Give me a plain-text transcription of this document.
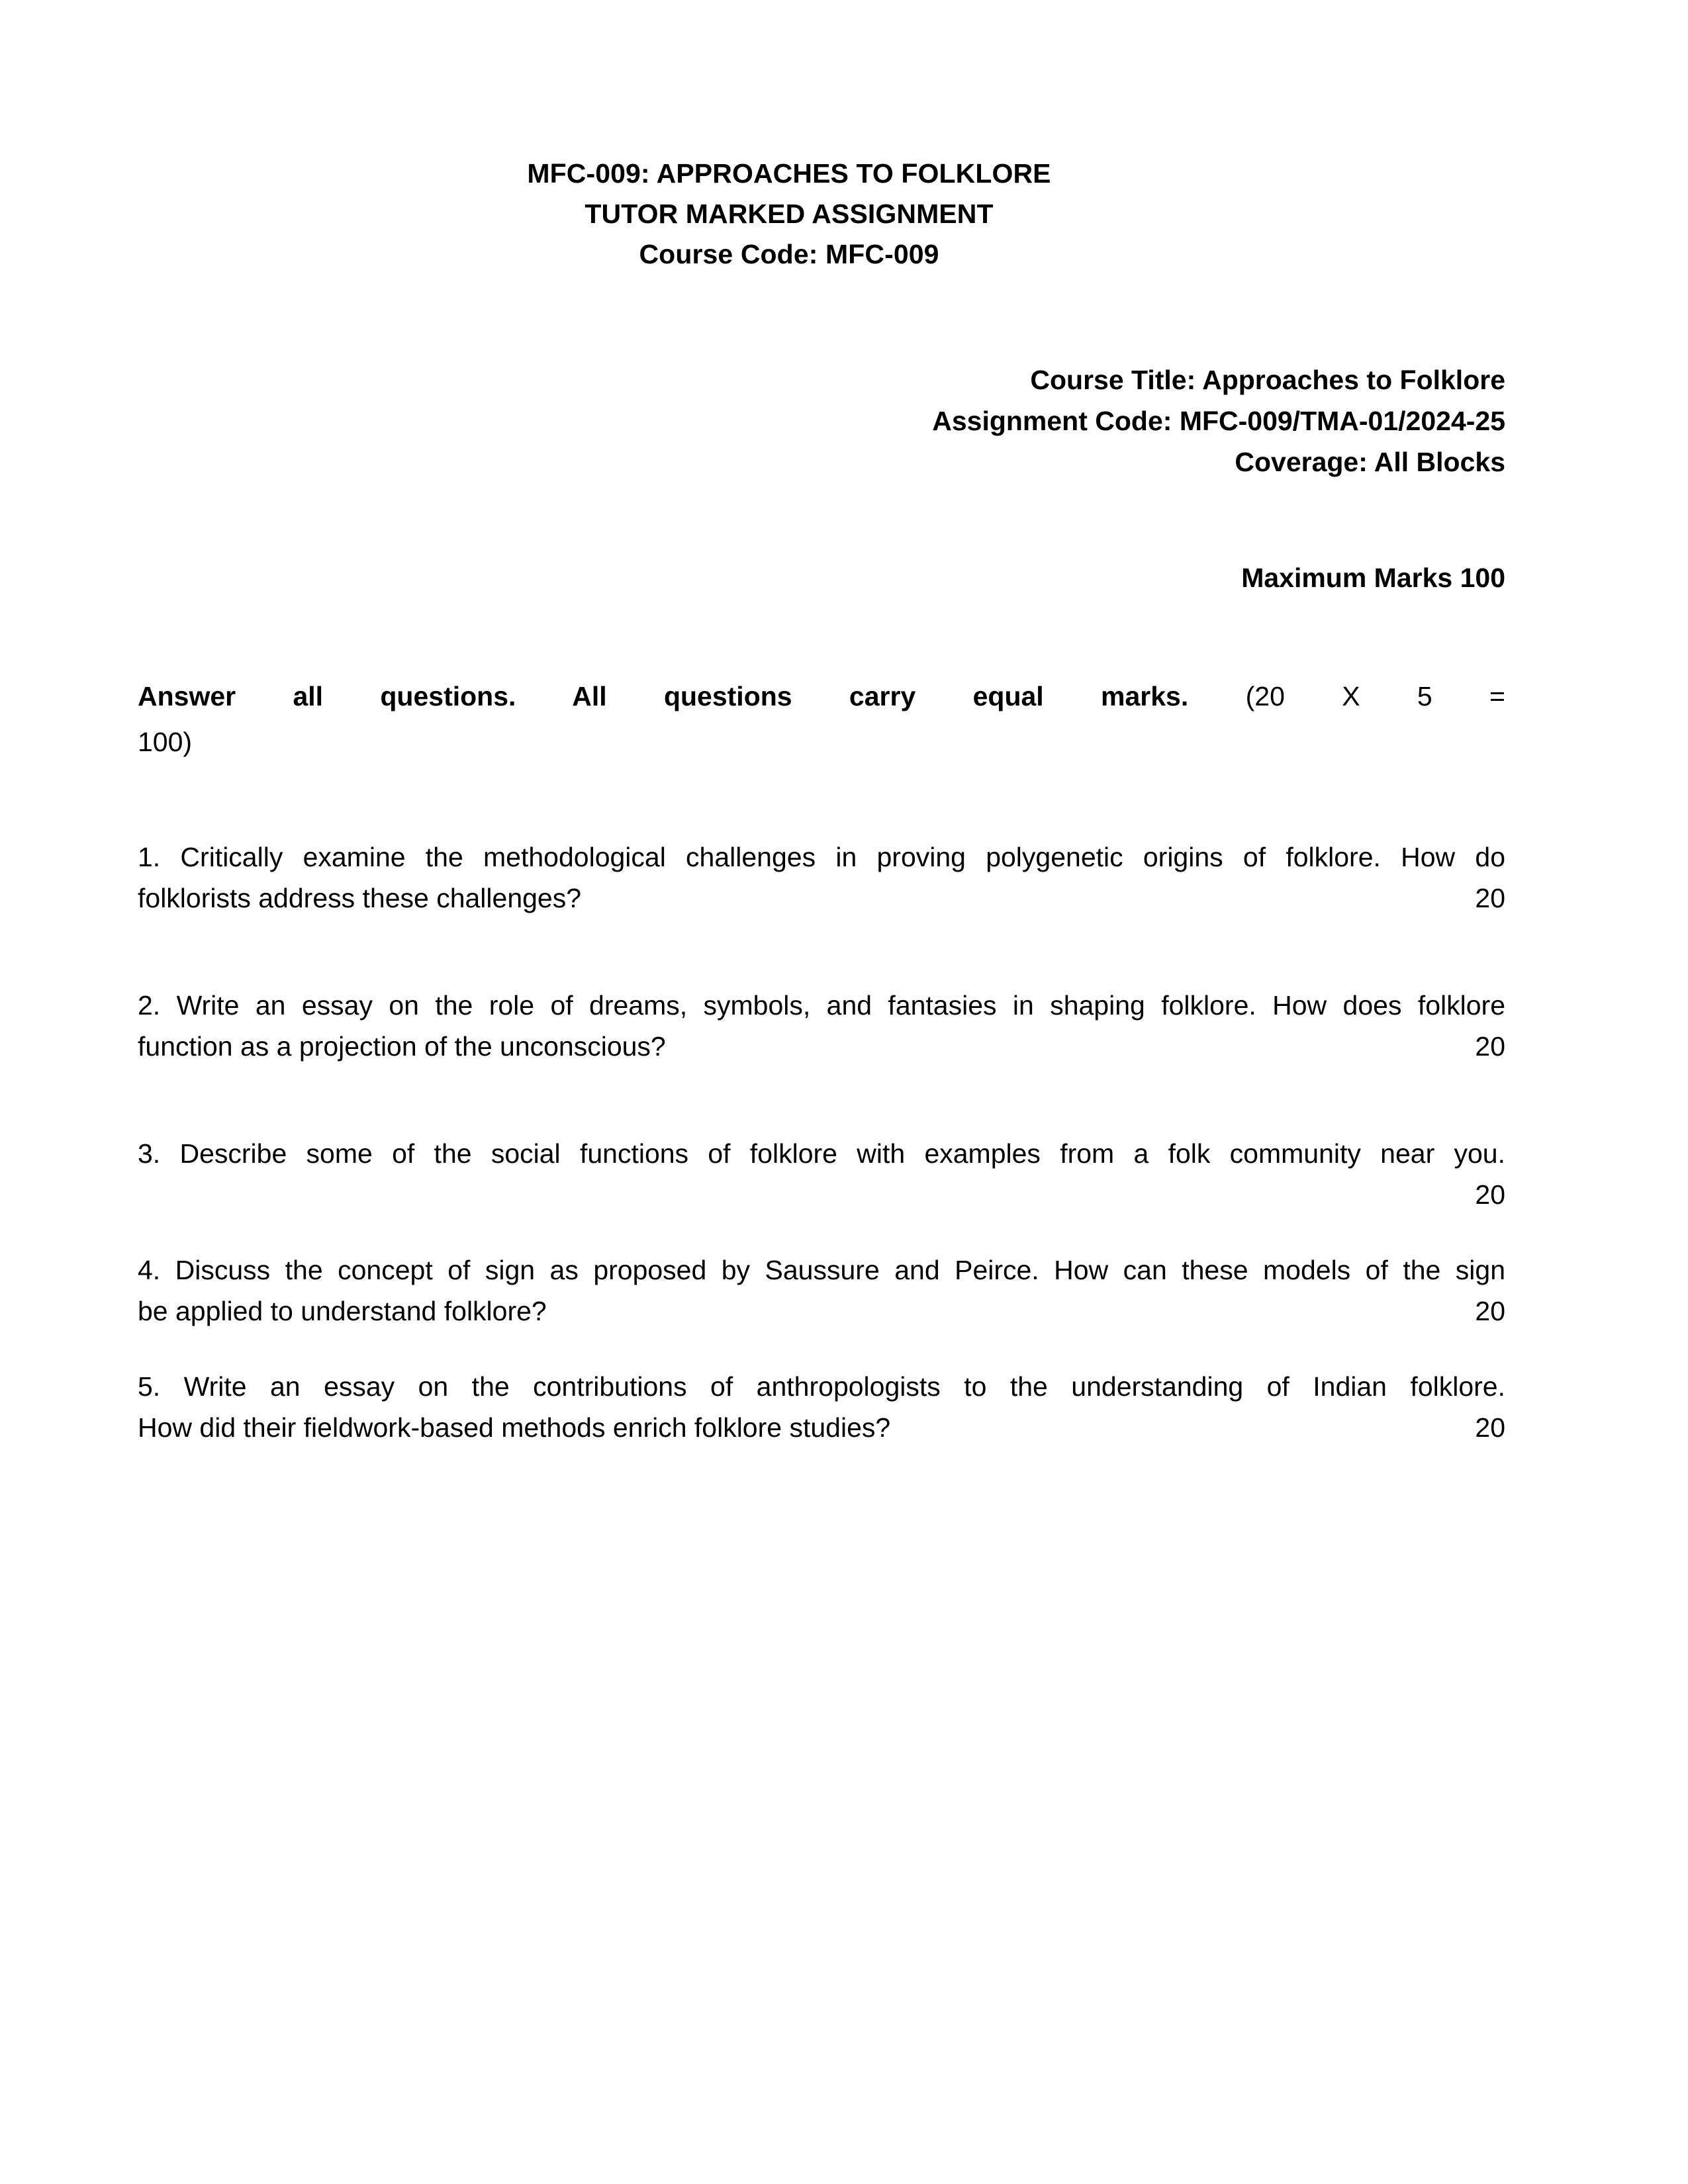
MFC-009: APPROACHES TO FOLKLORE
TUTOR MARKED ASSIGNMENT
Course Code: MFC-009
Course Title: Approaches to Folklore
Assignment Code: MFC-009/TMA-01/2024-25
Coverage: All Blocks
Maximum Marks 100
Answer all questions. All questions carry equal marks. (20 X 5 =
100)
1. Critically examine the methodological challenges in proving polygenetic origins of folklore. How do
folklorists address these challenges?	20
2. Write an essay on the role of dreams, symbols, and fantasies in shaping folklore. How does folklore
function as a projection of the unconscious?	20
3. Describe some of the social functions of folklore with examples from a folk community near you.
20
4. Discuss the concept of sign as proposed by Saussure and Peirce. How can these models of the sign
be applied to understand folklore?	20
5. Write an essay on the contributions of anthropologists to the understanding of Indian folklore.
How did their fieldwork-based methods enrich folklore studies?	20
